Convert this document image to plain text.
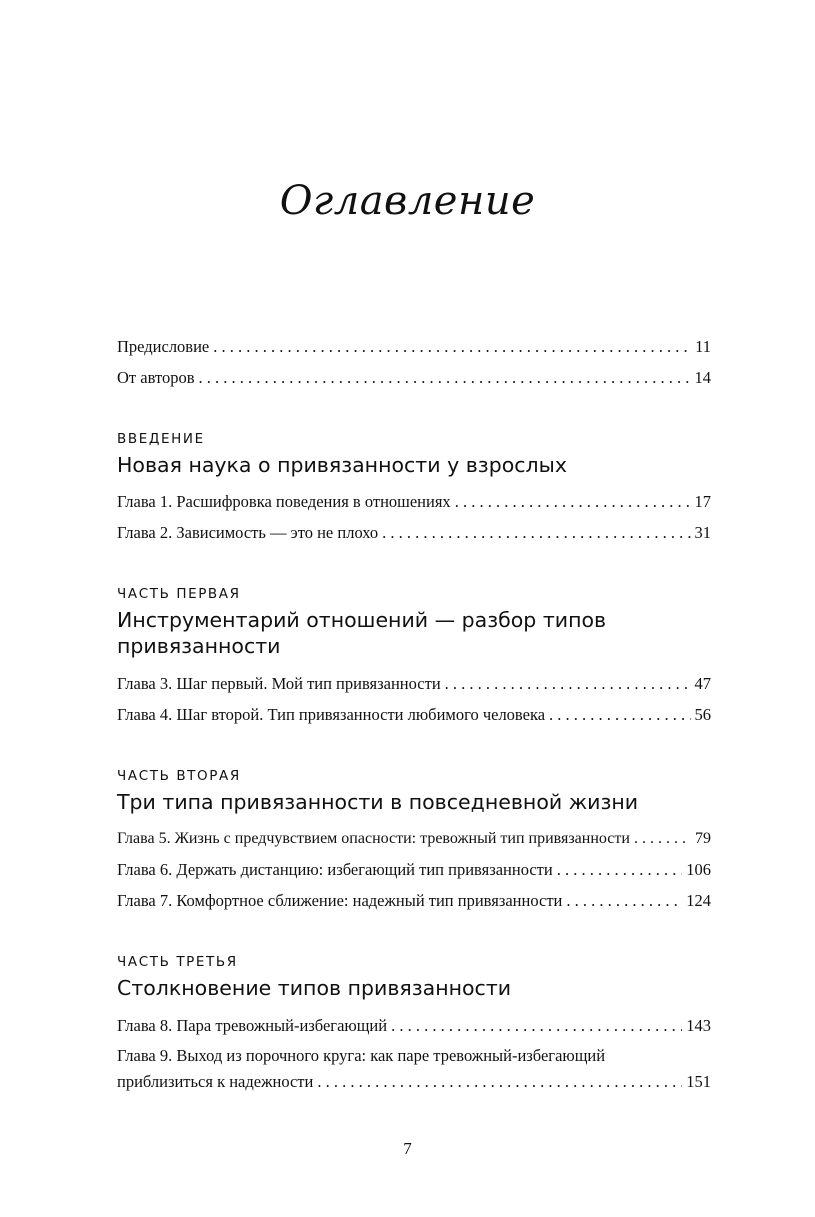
Оглавление
Предисловие . . .	11
От авторов . . .	14
ВВЕДЕНИЕ
Новая наука о привязанности у взрослых
Глава 1. Расшифровка поведения в отношениях . . .	17
Глава 2. Зависимость — это не плохо . . .	31
ЧАСТЬ ПЕРВАЯ
Инструментарий отношений — разбор типов привязанности
Глава 3. Шаг первый. Мой тип привязанности . . .	47
Глава 4. Шаг второй. Тип привязанности любимого человека . . .	56
ЧАСТЬ ВТОРАЯ
Три типа привязанности в повседневной жизни
Глава 5. Жизнь с предчувствием опасности: тревожный тип привязанности . . .	79
Глава 6. Держать дистанцию: избегающий тип привязанности . . .	106
Глава 7. Комфортное сближение: надежный тип привязанности . . .	124
ЧАСТЬ ТРЕТЬЯ
Столкновение типов привязанности
Глава 8. Пара тревожный-избегающий . . .	143
Глава 9. Выход из порочного круга: как паре тревожный-избегающий
приблизиться к надежности . . .	151
7
